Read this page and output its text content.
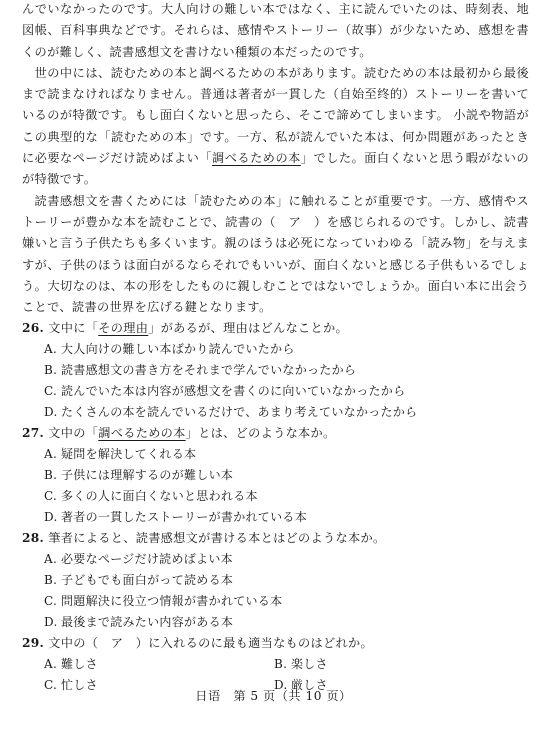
んでいなかったのです。大人向けの難しい本ではなく、主に読んでいたのは、時刻表、地図帳、百科事典などです。それらは、感情やストーリー（故事）が少ないため、感想を書くのが難しく、読書感想文を書けない種類の本だったのです。

世の中には、読むための本と調べるための本があります。読むための本は最初から最後まで読まなければなりません。普通は著者が一貫した（自始至终的）ストーリーを書いているのが特徴です。もし面白くないと思ったら、そこで諦めてしまいます。 小説や物語がこの典型的な「読むための本」です。一方、私が読んでいた本は、何か問題があったときに必要なページだけ読めばよい「調べるための本」でした。面白くないと思う暇がないのが特徴です。

読書感想文を書くためには「読むための本」に触れることが重要です。一方、感情やストーリーが豊かな本を読むことで、読書の（　ア　）を感じられるのです。しかし、読書嫌いと言う子供たちも多くいます。親のほうは必死になっていわゆる「読み物」を与えますが、子供のほうは面白がるならそれでもいいが、面白くないと感じる子供もいるでしょう。大切なのは、本の形をしたものに親しむことではないでしょうか。面白い本に出会うことで、読書の世界を広げる鍵となります。

26. 文中に「その理由」があるが、理由はどんなことか。

A. 大人向けの難しい本ばかり読んでいたから

B. 読書感想文の書き方をそれまで学んでいなかったから

C. 読んでいた本は内容が感想文を書くのに向いていなかったから

D. たくさんの本を読んでいるだけで、あまり考えていなかったから

27. 文中の「調べるための本」とは、どのような本か。

A. 疑問を解決してくれる本

B. 子供には理解するのが難しい本

C. 多くの人に面白くないと思われる本

D. 著者の一貫したストーリーが書かれている本

28. 筆者によると、読書感想文が書ける本とはどのような本か。

A. 必要なページだけ読めばよい本

B. 子どもでも面白がって読める本

C. 問題解決に役立つ情報が書かれている本

D. 最後まで読みたい内容がある本

29. 文中の（　ア　）に入れるのに最も適当なものはどれか。

A. 難しさ	B. 楽しさ
C. 忙しさ	D. 厳しさ
日语　第 5 页（共 10 页）
